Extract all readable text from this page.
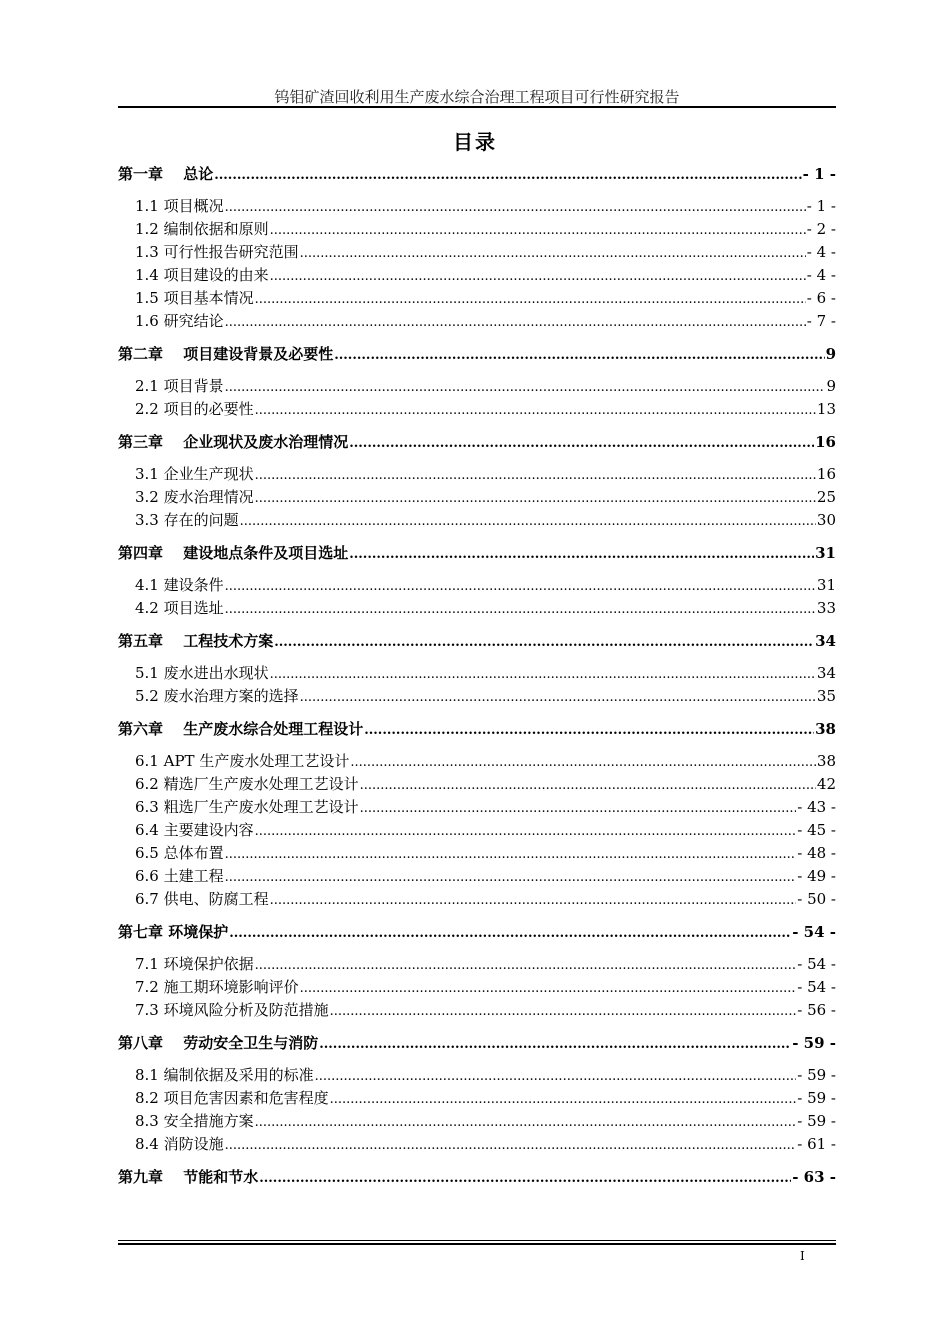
钨钼矿渣回收利用生产废水综合治理工程项目可行性研究报告
目录
第一章　 总论 .....	- 1 -
1.1 项目概况 .....	- 1 -
1.2 编制依据和原则 .....	- 2 -
1.3 可行性报告研究范围 .....	- 4 -
1.4 项目建设的由来 .....	- 4 -
1.5 项目基本情况 .....	- 6 -
1.6 研究结论 .....	- 7 -
第二章　 项目建设背景及必要性 .....	9
2.1 项目背景 .....	9
2.2 项目的必要性 .....	13
第三章　 企业现状及废水治理情况 .....	16
3.1 企业生产现状 .....	16
3.2 废水治理情况 .....	25
3.3 存在的问题 .....	30
第四章　 建设地点条件及项目选址 .....	31
4.1 建设条件 .....	31
4.2 项目选址 .....	33
第五章　 工程技术方案 .....	34
5.1 废水进出水现状 .....	34
5.2 废水治理方案的选择 .....	35
第六章　 生产废水综合处理工程设计 .....	38
6.1 APT 生产废水处理工艺设计 .....	38
6.2 精选厂生产废水处理工艺设计 .....	42
6.3 粗选厂生产废水处理工艺设计 .....	- 43 -
6.4 主要建设内容 .....	- 45 -
6.5 总体布置 .....	- 48 -
6.6 土建工程 .....	- 49 -
6.7 供电、防腐工程 .....	- 50 -
第七章 环境保护 .....	- 54 -
7.1 环境保护依据 .....	- 54 -
7.2 施工期环境影响评价 .....	- 54 -
7.3 环境风险分析及防范措施 .....	- 56 -
第八章　 劳动安全卫生与消防 .....	- 59 -
8.1 编制依据及采用的标准 .....	- 59 -
8.2 项目危害因素和危害程度 .....	- 59 -
8.3 安全措施方案 .....	- 59 -
8.4 消防设施 .....	- 61 -
第九章　 节能和节水 .....	- 63 -
I
